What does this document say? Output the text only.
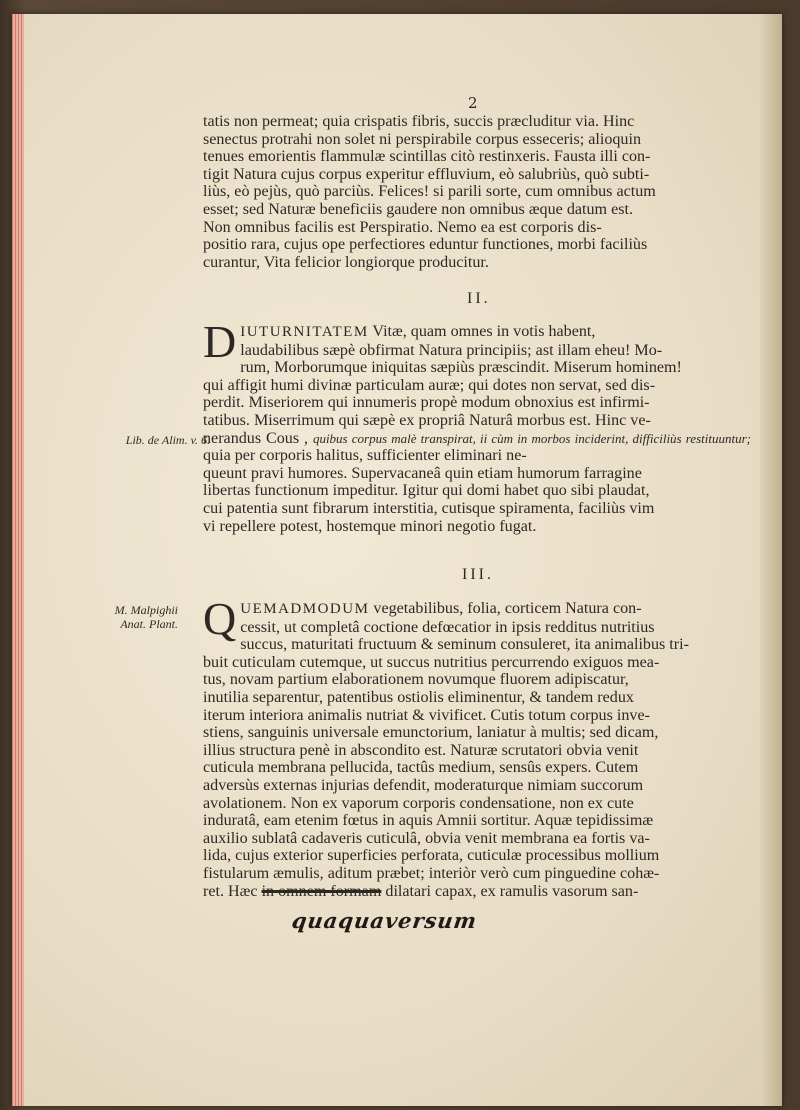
2

tatis non permeat; quia crispatis fibris, succis præcluditur via. Hinc

senectus protrahi non solet ni perspirabile corpus esseceris; alioquin

tenues emorientis flammulæ scintillas citò restinxeris. Fausta illi con-

tigit Natura cujus corpus experitur effluvium, eò salubriùs, quò subti-

liùs, eò pejùs, quò parciùs. Felices! si parili sorte, cum omnibus actum

esset; sed Naturæ beneficiis gaudere non omnibus æque datum est.

Non omnibus facilis est Perspiratio. Nemo ea est corporis dis-

positio rara, cujus ope perfectiores eduntur functiones, morbi faciliùs

curantur, Vita felicior longiorque producitur.

II.
Lib. de Alim. v. 6.
D IUTURNITATEM Vitæ, quam omnes in votis habent,

laudabilibus sæpè obfirmat Natura principiis; ast illam eheu! Mo-

rum, Morborumque iniquitas sæpiùs præscindit. Miserum hominem!

qui affigit humi divinæ particulam auræ; qui dotes non servat, sed dis-

perdit. Miseriorem qui innumeris propè modum obnoxius est infirmi-

tatibus. Miserrimum qui sæpè ex propriâ Naturâ morbus est. Hinc ve-

nerandus Cous , quibus corpus malè transpirat, ii cùm in morbos inciderint, difficiliùs restituuntur; quia per corporis halitus, sufficienter eliminari ne-

queunt pravi humores. Supervacaneâ quin etiam humorum farragine

libertas functionum impeditur. Igitur qui domi habet quo sibi plaudat,

cui patentia sunt fibrarum interstitia, cutisque spiramenta, faciliùs vim

vi repellere potest, hostemque minori negotio fugat.

III.
M. Malpighii
Anat. Plant. Q UEMADMODUM vegetabilibus, folia, corticem Natura con-

cessit, ut completâ coctione defœcatior in ipsis redditus nutritius

succus, maturitati fructuum & seminum consuleret, ita animalibus tri-

buit cuticulam cutemque, ut succus nutritius percurrendo exiguos mea-

tus, novam partium elaborationem novumque fluorem adipiscatur,

inutilia separentur, patentibus ostiolis eliminentur, & tandem redux

iterum interiora animalis nutriat & vivificet. Cutis totum corpus inve-

stiens, sanguinis universale emunctorium, laniatur à multis; sed dicam,

illius structura penè in abscondito est. Naturæ scrutatori obvia venit

cuticula membrana pellucida, tactûs medium, sensûs expers. Cutem

adversùs externas injurias defendit, moderaturque nimiam succorum

avolationem. Non ex vaporum corporis condensatione, non ex cute

induratâ, eam etenim fœtus in aquis Amnii sortitur. Aquæ tepidissimæ

auxilio sublatâ cadaveris cuticulâ, obvia venit membrana ea fortis va-

lida, cujus exterior superficies perforata, cuticulæ processibus mollium

fistularum æmulis, aditum præbet; interiòr verò cum pinguedine cohæ-

ret. Hæc in omnem formam dilatari capax, ex ramulis vasorum san-

quaquaversum
